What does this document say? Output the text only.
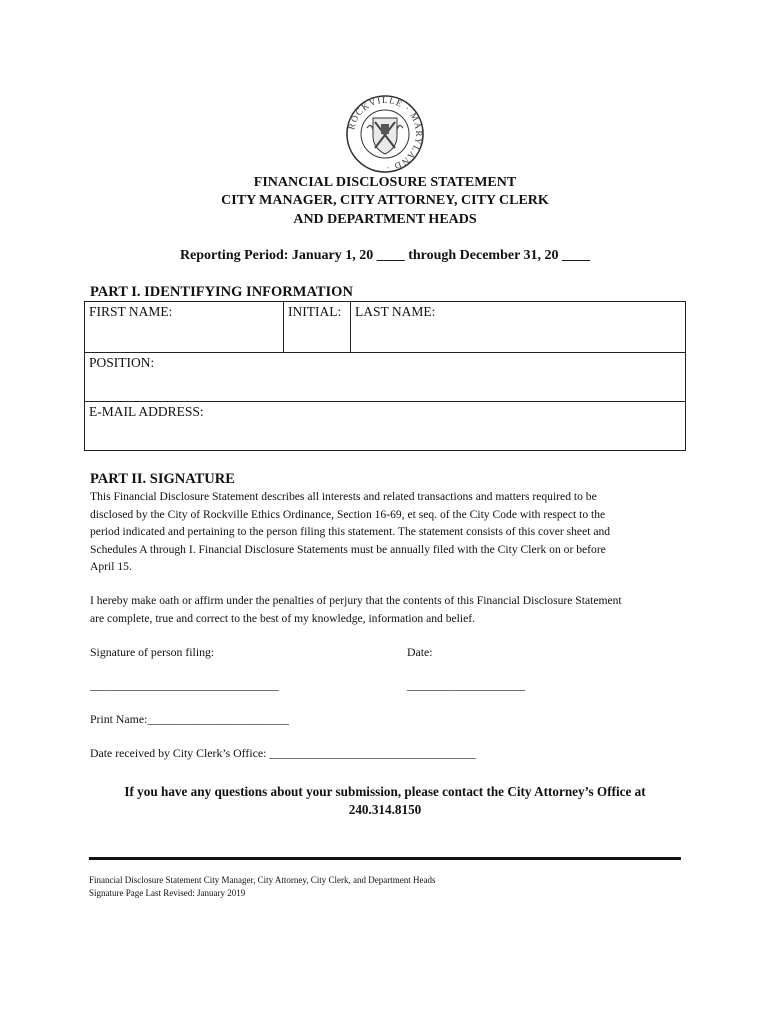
ROCKVILLE · MARYLAND ·
FINANCIAL DISCLOSURE STATEMENT
CITY MANAGER, CITY ATTORNEY, CITY CLERK
AND DEPARTMENT HEADS
Reporting Period: January 1, 20 ____ through December 31, 20 ____
PART I. IDENTIFYING INFORMATION
FIRST NAME:	INITIAL:	LAST NAME:
POSITION:
E-MAIL ADDRESS:
PART II. SIGNATURE
This Financial Disclosure Statement describes all interests and related transactions and matters required to be
disclosed by the City of Rockville Ethics Ordinance, Section 16-69, et seq. of the City Code with respect to the
period indicated and pertaining to the person filing this statement. The statement consists of this cover sheet and
Schedules A through I. Financial Disclosure Statements must be annually filed with the City Clerk on or before
April 15.
I hereby make oath or affirm under the penalties of perjury that the contents of this Financial Disclosure Statement
are complete, true and correct to the best of my knowledge, information and belief.
Signature of person filing:	Date:
________________________________	____________________
Print Name:________________________
Date received by City Clerk’s Office: ___________________________________
If you have any questions about your submission, please contact the City Attorney’s Office at
240.314.8150
Financial Disclosure Statement City Manager, City Attorney, City Clerk, and Department Heads
Signature Page Last Revised: January 2019
